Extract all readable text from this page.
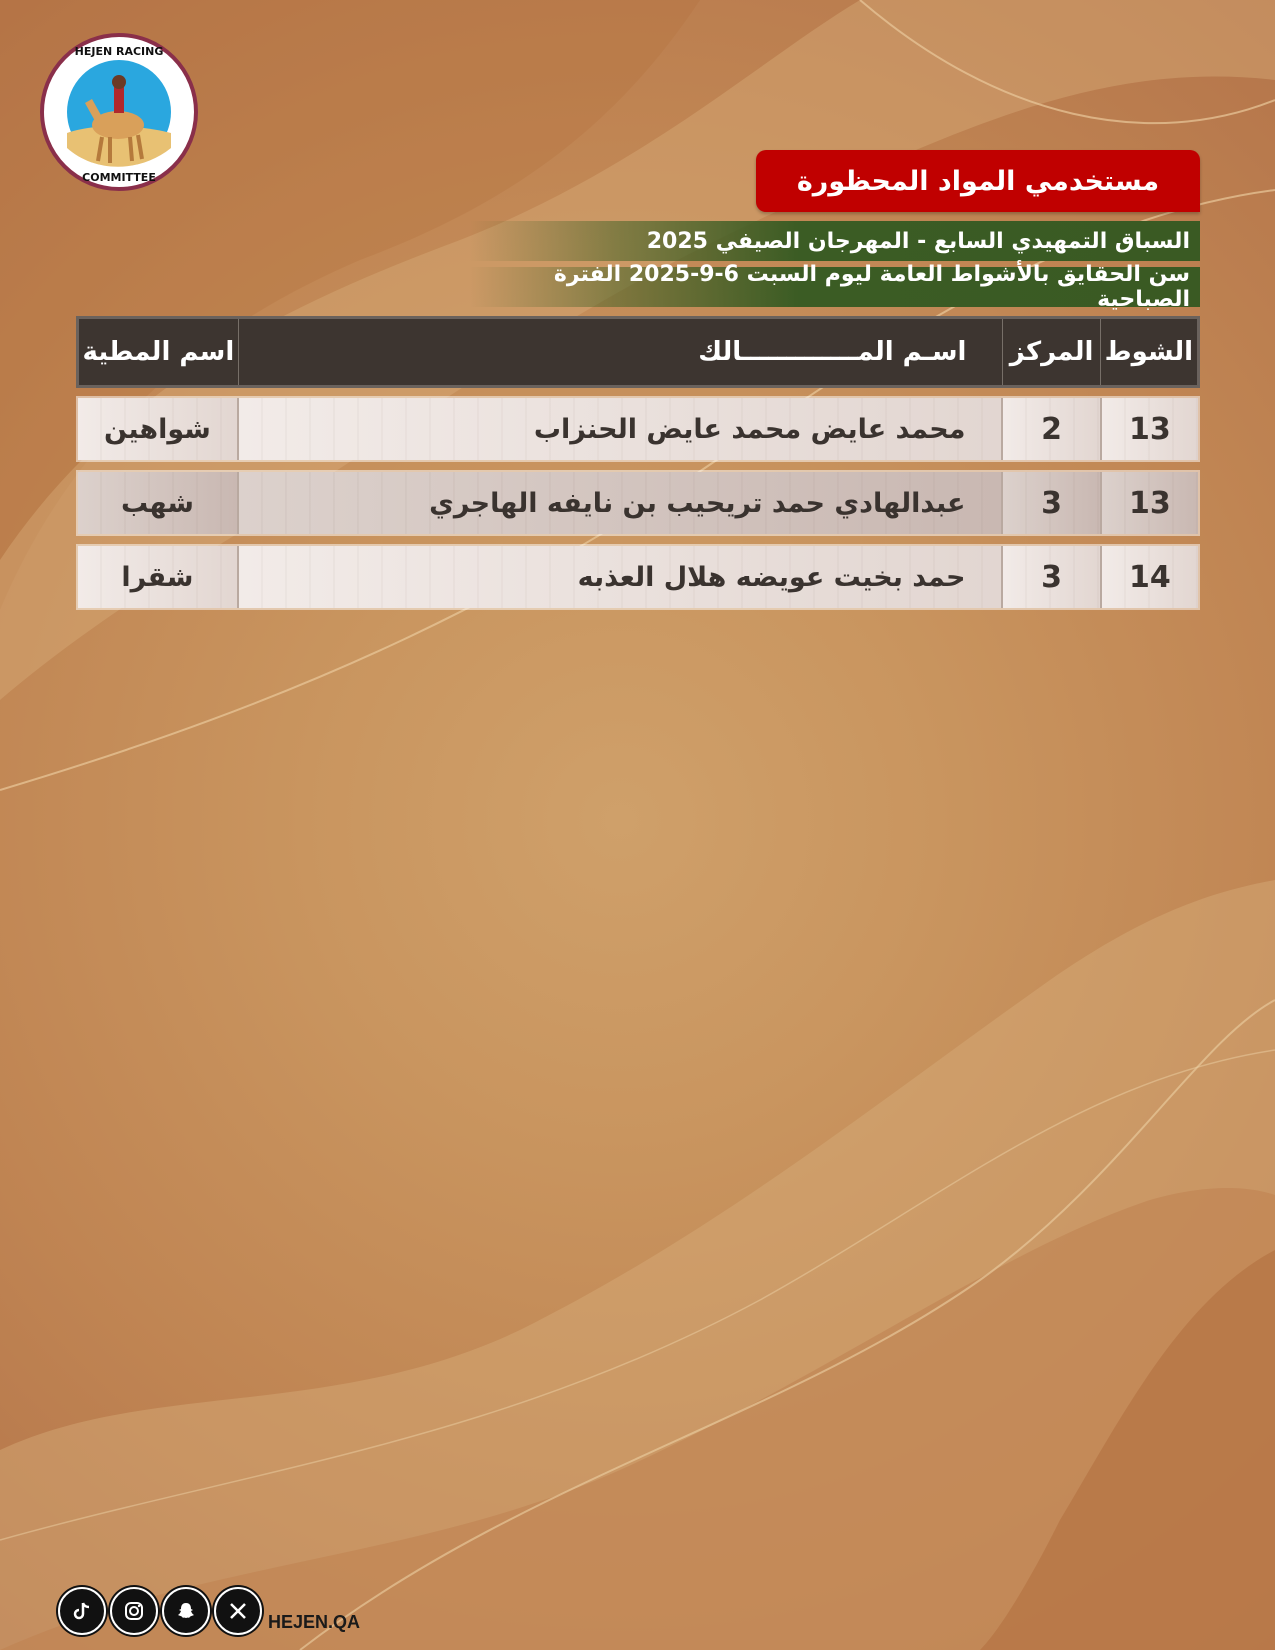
HEJEN RACING
COMMITTEE	مستخدمي المواد المحظورة
السباق التمهيدي السابع - المهرجان الصيفي 2025
سن الحقايق بالأشواط العامة ليوم السبت 6-9-2025 الفترة الصباحية
الشوط
المركز
اسـم المـــــــــــــالك
اسم المطية
13
2
محمد عايض محمد عايض الحنزاب
شواهين
13
3
عبدالهادي حمد تريحيب بن نايفه الهاجري
شهب
14
3
حمد بخيت عويضه هلال العذبه
شقرا
HEJEN.QA
